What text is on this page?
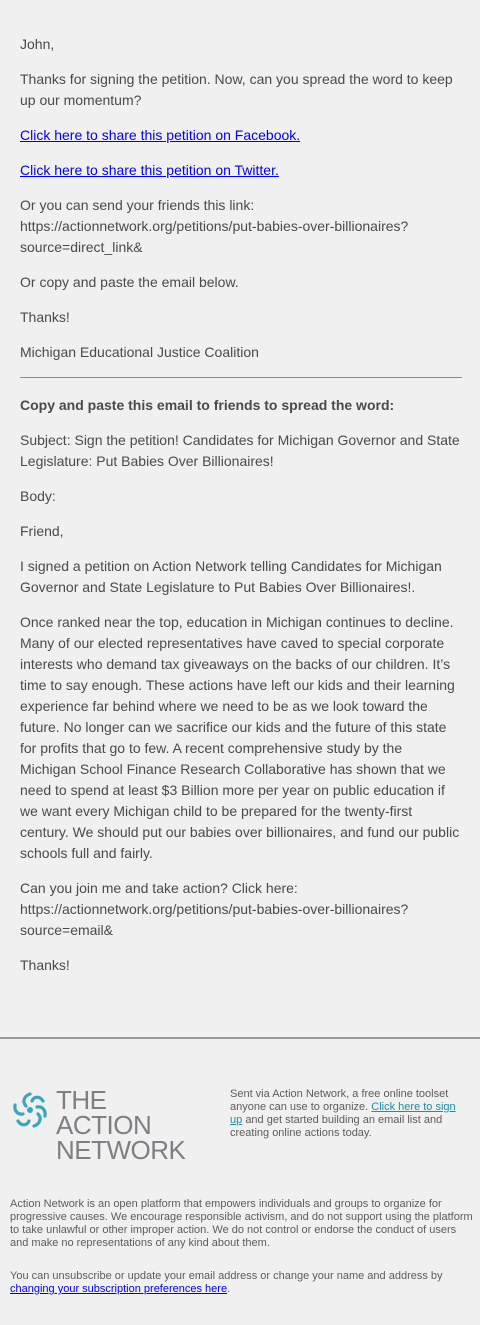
John,

Thanks for signing the petition. Now, can you spread the word to keep up our momentum?

Click here to share this petition on Facebook.

Click here to share this petition on Twitter.

Or you can send your friends this link:
https://actionnetwork.org/petitions/put-babies-over-billionaires?source=direct_link&

Or copy and paste the email below.

Thanks!

Michigan Educational Justice Coalition

Copy and paste this email to friends to spread the word:

Subject: Sign the petition! Candidates for Michigan Governor and State Legislature: Put Babies Over Billionaires!

Body:

Friend,

I signed a petition on Action Network telling Candidates for Michigan Governor and State Legislature to Put Babies Over Billionaires!.

Once ranked near the top, education in Michigan continues to decline. Many of our elected representatives have caved to special corporate interests who demand tax giveaways on the backs of our children. It’s time to say enough. These actions have left our kids and their learning experience far behind where we need to be as we look toward the future. No longer can we sacrifice our kids and the future of this state for profits that go to few. A recent comprehensive study by the Michigan School Finance Research Collaborative has shown that we need to spend at least $3 Billion more per year on public education if we want every Michigan child to be prepared for the twenty-first century. We should put our babies over billionaires, and fund our public schools full and fairly.

Can you join me and take action? Click here:
https://actionnetwork.org/petitions/put-babies-over-billionaires?source=email&

Thanks!

THE ACTION
NETWORK
Sent via Action Network, a free online toolset anyone can use to organize. Click here to sign up and get started building an email list and creating online actions today.
Action Network is an open platform that empowers individuals and groups to organize for progressive causes. We encourage responsible activism, and do not support using the platform to take unlawful or other improper action. We do not control or endorse the conduct of users and make no representations of any kind about them.
You can unsubscribe or update your email address or change your name and address by
changing your subscription preferences here.
